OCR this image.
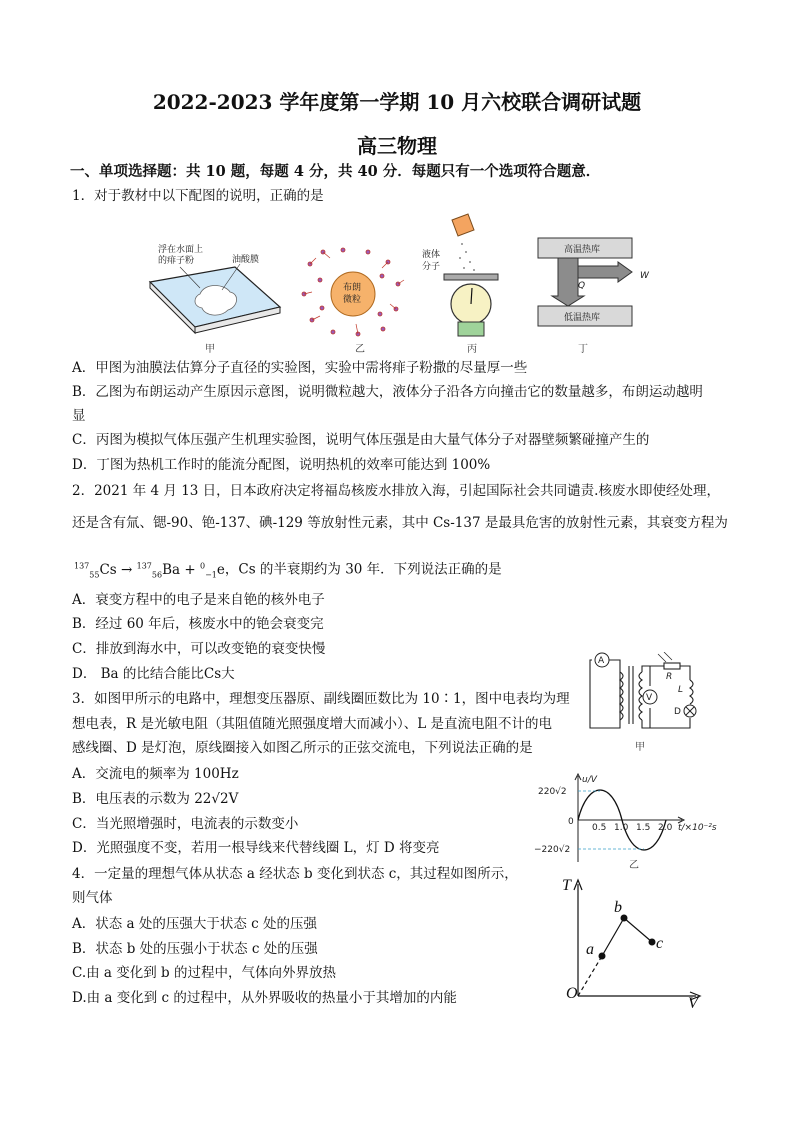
2022-2023 学年度第一学期 10 月六校联合调研试题
高三物理
一、单项选择题：共 10 题，每题 4 分，共 40 分．每题只有一个选项符合题意．
1．对于教材中以下配图的说明，正确的是
浮在水面上
的痱子粉	油酸膜
甲
布朗
微粒
液体
分子
乙	丙
高温热库
低温热库
Q
W
丁
A．甲图为油膜法估算分子直径的实验图，实验中需将痱子粉撒的尽量厚一些
B．乙图为布朗运动产生原因示意图，说明微粒越大，液体分子沿各方向撞击它的数量越多，布朗运动越明
显
C．丙图为模拟气体压强产生机理实验图，说明气体压强是由大量气体分子对器壁频繁碰撞产生的
D．丁图为热机工作时的能流分配图，说明热机的效率可能达到 100%
2．2021 年 4 月 13 日，日本政府决定将福岛核废水排放入海，引起国际社会共同谴责.核废水即使经处理，
还是含有氚、锶-90、铯-137、碘-129 等放射性元素，其中 Cs-137 是最具危害的放射性元素，其衰变方程为
$^{137}_{55}$Cs → $^{137}_{56}$Ba + $^0_{-1}$e，Cs 的半衰期约为 30 年．下列说法正确的是
A．衰变方程中的电子是来自铯的核外电子
B．经过 60 年后，核废水中的铯会衰变完
C．排放到海水中，可以改变铯的衰变快慢
D． Ba 的比结合能比Cs大
3．如图甲所示的电路中，理想变压器原、副线圈匝数比为 10∶1，图中电表均为理
想电表，R 是光敏电阻（其阻值随光照强度增大而减小）、L 是直流电阻不计的电
感线圈、D 是灯泡，原线圈接入如图乙所示的正弦交流电，下列说法正确的是
A．交流电的频率为 100Hz
B．电压表的示数为 22√2V
C．当光照增强时，电流表的示数变小
D．光照强度不变，若用一根导线来代替线圈 L，灯 D 将变亮
A
V
D
R
L
甲
u/V
220√2
−220√2
0
0.5 1.0 1.5 2.0 t/×10⁻²s
乙
4．一定量的理想气体从状态 a 经状态 b 变化到状态 c，其过程如图所示，
则气体
A．状态 a 处的压强大于状态 c 处的压强
B．状态 b 处的压强小于状态 c 处的压强
C.由 a 变化到 b 的过程中，气体向外界放热
D.由 a 变化到 c 的过程中，从外界吸收的热量小于其增加的内能
T
V
O
a
b
c
